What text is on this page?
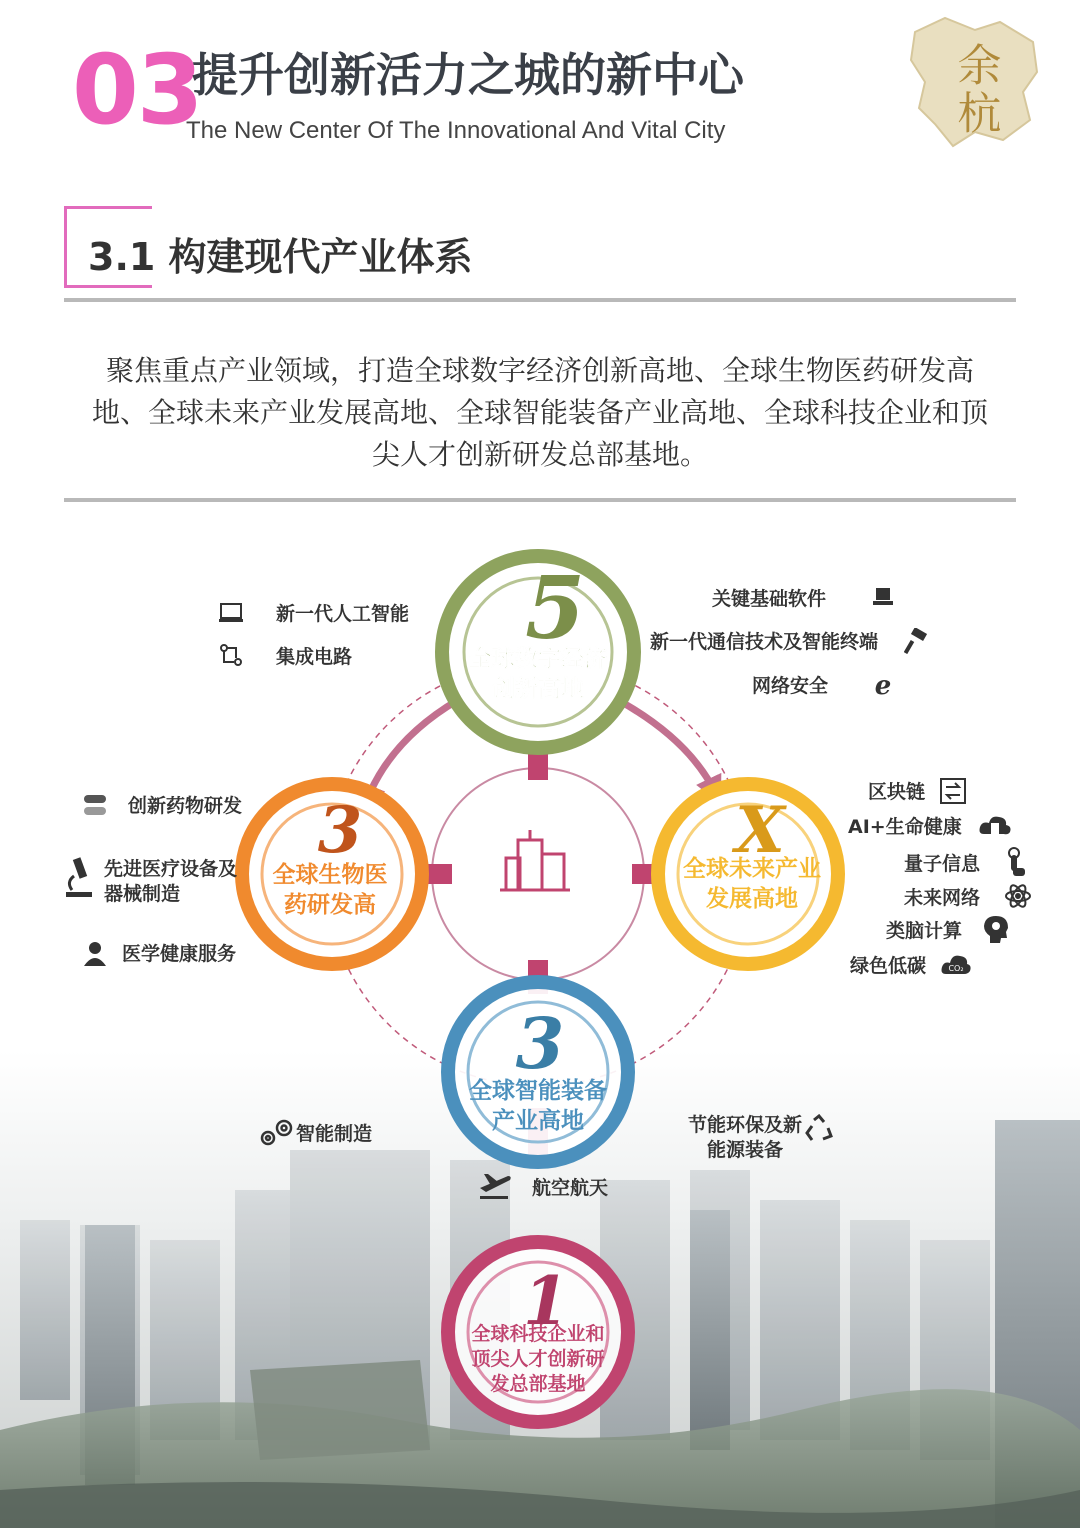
03
提升创新活力之城的新中心
The New Center Of The Innovational And Vital City	余杭
3.1 构建现代产业体系
聚焦重点产业领域，打造全球数字经济创新高地、全球生物医药研发高地、全球未来产业发展高地、全球智能装备产业高地、全球科技企业和顶尖人才创新研发总部基地。
5
全球数字经济
创新高地
3
全球生物医
药研发高
X
全球未来产业
发展高地
3
全球智能装备
产业高地
1
全球科技企业和
顶尖人才创新研
发总部基地
新一代人工智能
集成电路
关键基础软件
新一代通信技术及智能终端
网络安全 e
创新药物研发
先进医疗设备及器械制造
医学健康服务
区块链
AI+生命健康
量子信息
未来网络
类脑计算
绿色低碳	CO₂
智能制造
航空航天
节能环保及新能源装备
